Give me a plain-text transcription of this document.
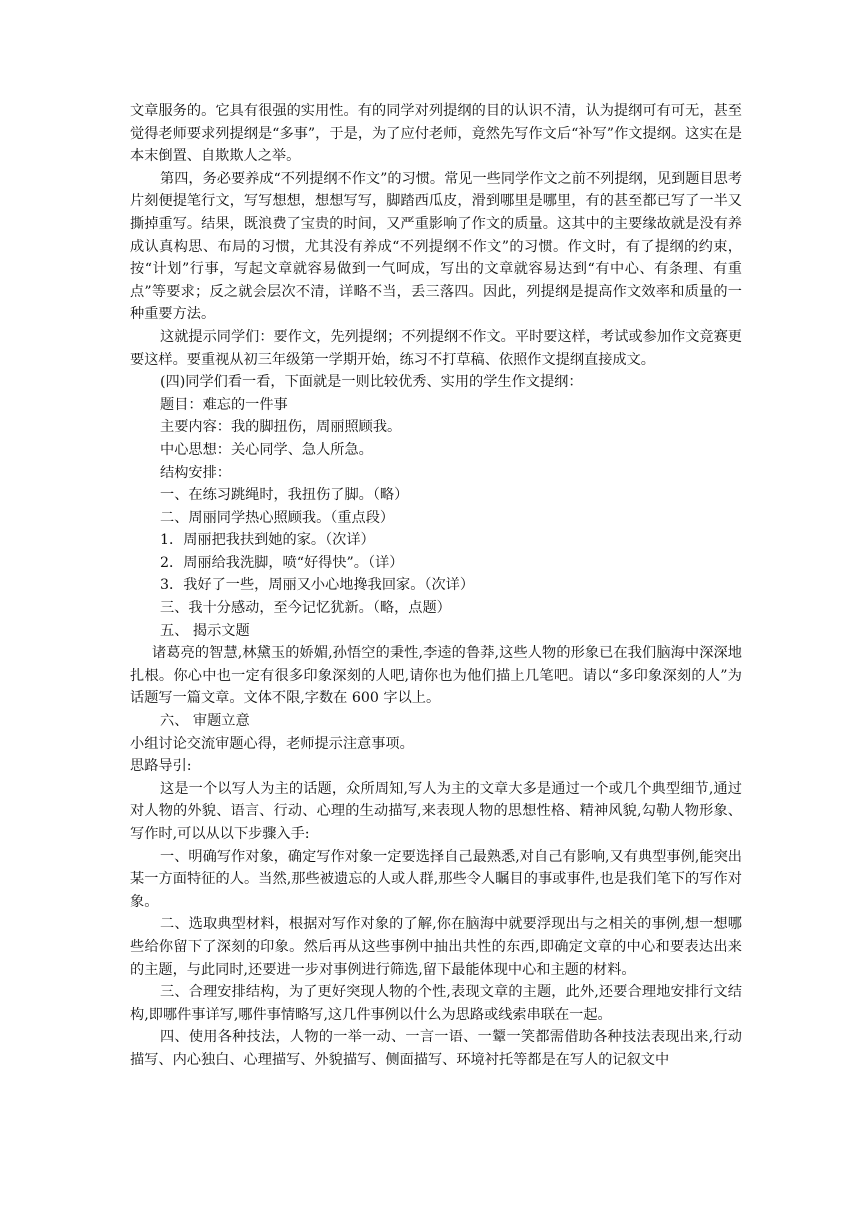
文章服务的。它具有很强的实用性。有的同学对列提纲的目的认识不清，认为提纲可有可无，甚至觉得老师要求列提纲是“多事”，于是，为了应付老师，竟然先写作文后“补写”作文提纲。这实在是本末倒置、自欺欺人之举。

第四，务必要养成“不列提纲不作文”的习惯。常见一些同学作文之前不列提纲，见到题目思考片刻便提笔行文，写写想想，想想写写，脚踏西瓜皮，滑到哪里是哪里，有的甚至都已写了一半又撕掉重写。结果，既浪费了宝贵的时间，又严重影响了作文的质量。这其中的主要缘故就是没有养成认真构思、布局的习惯，尤其没有养成“不列提纲不作文”的习惯。作文时，有了提纲的约束，按“计划”行事，写起文章就容易做到一气呵成，写出的文章就容易达到“有中心、有条理、有重点”等要求；反之就会层次不清，详略不当，丢三落四。因此，列提纲是提高作文效率和质量的一种重要方法。

这就提示同学们：要作文，先列提纲；不列提纲不作文。平时要这样，考试或参加作文竞赛更要这样。要重视从初三年级第一学期开始，练习不打草稿、依照作文提纲直接成文。

(四)同学们看一看，下面就是一则比较优秀、实用的学生作文提纲：

题目：难忘的一件事

主要内容：我的脚扭伤，周丽照顾我。

中心思想：关心同学、急人所急。

结构安排：

一、在练习跳绳时，我扭伤了脚。（略）

二、周丽同学热心照顾我。（重点段）

1．周丽把我扶到她的家。（次详）

2．周丽给我洗脚，喷“好得快”。（详）

3．我好了一些，周丽又小心地搀我回家。（次详）

三、我十分感动，至今记忆犹新。（略，点题）

五、 揭示文题

诸葛亮的智慧,林黛玉的娇媚,孙悟空的秉性,李逵的鲁莽,这些人物的形象已在我们脑海中深深地扎根。你心中也一定有很多印象深刻的人吧,请你也为他们描上几笔吧。请以“多印象深刻的人”为话题写一篇文章。文体不限,字数在 600 字以上。

六、 审题立意

小组讨论交流审题心得，老师提示注意事项。

思路导引:

这是一个以写人为主的话题，众所周知,写人为主的文章大多是通过一个或几个典型细节,通过对人物的外貌、语言、行动、心理的生动描写,来表现人物的思想性格、精神风貌,勾勒人物形象、写作时,可以从以下步骤入手:

一、明确写作对象，确定写作对象一定要选择自己最熟悉,对自己有影响,又有典型事例,能突出某一方面特征的人。当然,那些被遗忘的人或人群,那些令人瞩目的事或事件,也是我们笔下的写作对象。

二、选取典型材料，根据对写作对象的了解,你在脑海中就要浮现出与之相关的事例,想一想哪些给你留下了深刻的印象。然后再从这些事例中抽出共性的东西,即确定文章的中心和要表达出来的主题，与此同时,还要进一步对事例进行筛选,留下最能体现中心和主题的材料。

三、合理安排结构，为了更好突现人物的个性,表现文章的主题，此外,还要合理地安排行文结构,即哪件事详写,哪件事情略写,这几件事例以什么为思路或线索串联在一起。

四、使用各种技法，人物的一举一动、一言一语、一颦一笑都需借助各种技法表现出来,行动描写、内心独白、心理描写、外貌描写、侧面描写、环境衬托等都是在写人的记叙文中
